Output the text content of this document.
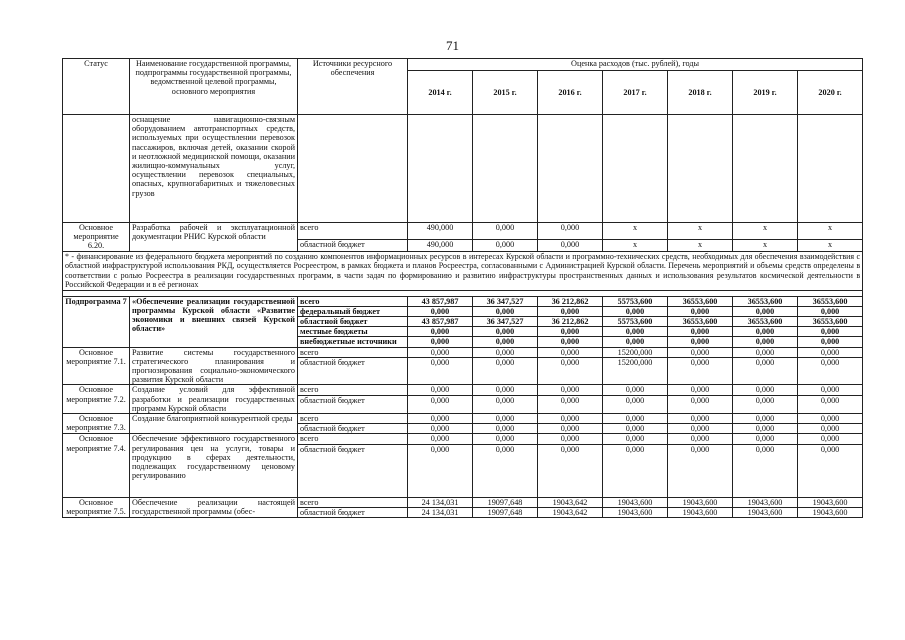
71
Статус	Наименование государственной программы, подпрограммы государственной программы, ведомственной целевой программы, основного мероприятия	Источники ресурсного обеспечения	Оценка расходов (тыс. рублей), годы						
			2014 г.	2015 г.	2016 г.	2017 г.	2018 г.	2019 г.	2020 г.
	оснащение навигационно-связным оборудованием автотранспортных средств, используемых при осуществлении перевозок пассажиров, включая детей, оказании скорой и неотложной медицинской помощи, оказании жилищно-коммунальных услуг, осуществлении перевозок специальных, опасных, крупногабаритных и тяжеловесных грузов								
Основное мероприятие 6.20.	Разработка рабочей и эксплуатационной документации РНИС Курской области	всего	490,000	0,000	0,000	х	х	х	х
		областной бюджет	490,000	0,000	0,000	х	х	х	х
* - финансирование из федерального бюджета мероприятий по созданию компонентов информационных ресурсов в интересах Курской области и программно-технических средств, необходимых для обеспечения взаимодействия с областной инфраструктурой использования РКД, осуществляется Росреестром, в рамках бюджета и планов Росреестра, согласованными с Администрацией Курской области. Перечень мероприятий и объемы средств определены в соответствии с ролью Росреестра в реализации государственных программ, в части задач по формированию и развитию инфраструктуры пространственных данных и использования результатов космической деятельности в Российской Федерации и в её регионах									

Подпрограмма 7	«Обеспечение реализации государственной программы Курской области «Развитие экономики и внешних связей Курской области»	всего	43 857,987	36 347,527	36 212,862	55753,600	36553,600	36553,600	36553,600
		федеральный бюджет	0,000	0,000	0,000	0,000	0,000	0,000	0,000
		областной бюджет	43 857,987	36 347,527	36 212,862	55753,600	36553,600	36553,600	36553,600
		местные бюджеты	0,000	0,000	0,000	0,000	0,000	0,000	0,000
		внебюджетные источники	0,000	0,000	0,000	0,000	0,000	0,000	0,000
Основное мероприятие 7.1.	Развитие системы государственного стратегического планирования и прогнозирования социально-экономического развития Курской области	всего	0,000	0,000	0,000	15200,000	0,000	0,000	0,000
		областной бюджет	0,000	0,000	0,000	15200,000	0,000	0,000	0,000
Основное мероприятие 7.2.	Создание условий для эффективной разработки и реализации государственных программ Курской области	всего	0,000	0,000	0,000	0,000	0,000	0,000	0,000
		областной бюджет	0,000	0,000	0,000	0,000	0,000	0,000	0,000
Основное мероприятие 7.3.	Создание благоприятной конкурентной среды	всего	0,000	0,000	0,000	0,000	0,000	0,000	0,000
		областной бюджет	0,000	0,000	0,000	0,000	0,000	0,000	0,000
Основное мероприятие 7.4.	Обеспечение эффективного государственного регулирования цен на услуги, товары и продукцию в сферах деятельности, подлежащих государственному ценовому регулированию	всего	0,000	0,000	0,000	0,000	0,000	0,000	0,000
		областной бюджет	0,000	0,000	0,000	0,000	0,000	0,000	0,000
Основное мероприятие 7.5.	Обеспечение реализации настоящей государственной программы (обес-	всего	24 134,031	19097,648	19043,642	19043,600	19043,600	19043,600	19043,600
		областной бюджет	24 134,031	19097,648	19043,642	19043,600	19043,600	19043,600	19043,600
